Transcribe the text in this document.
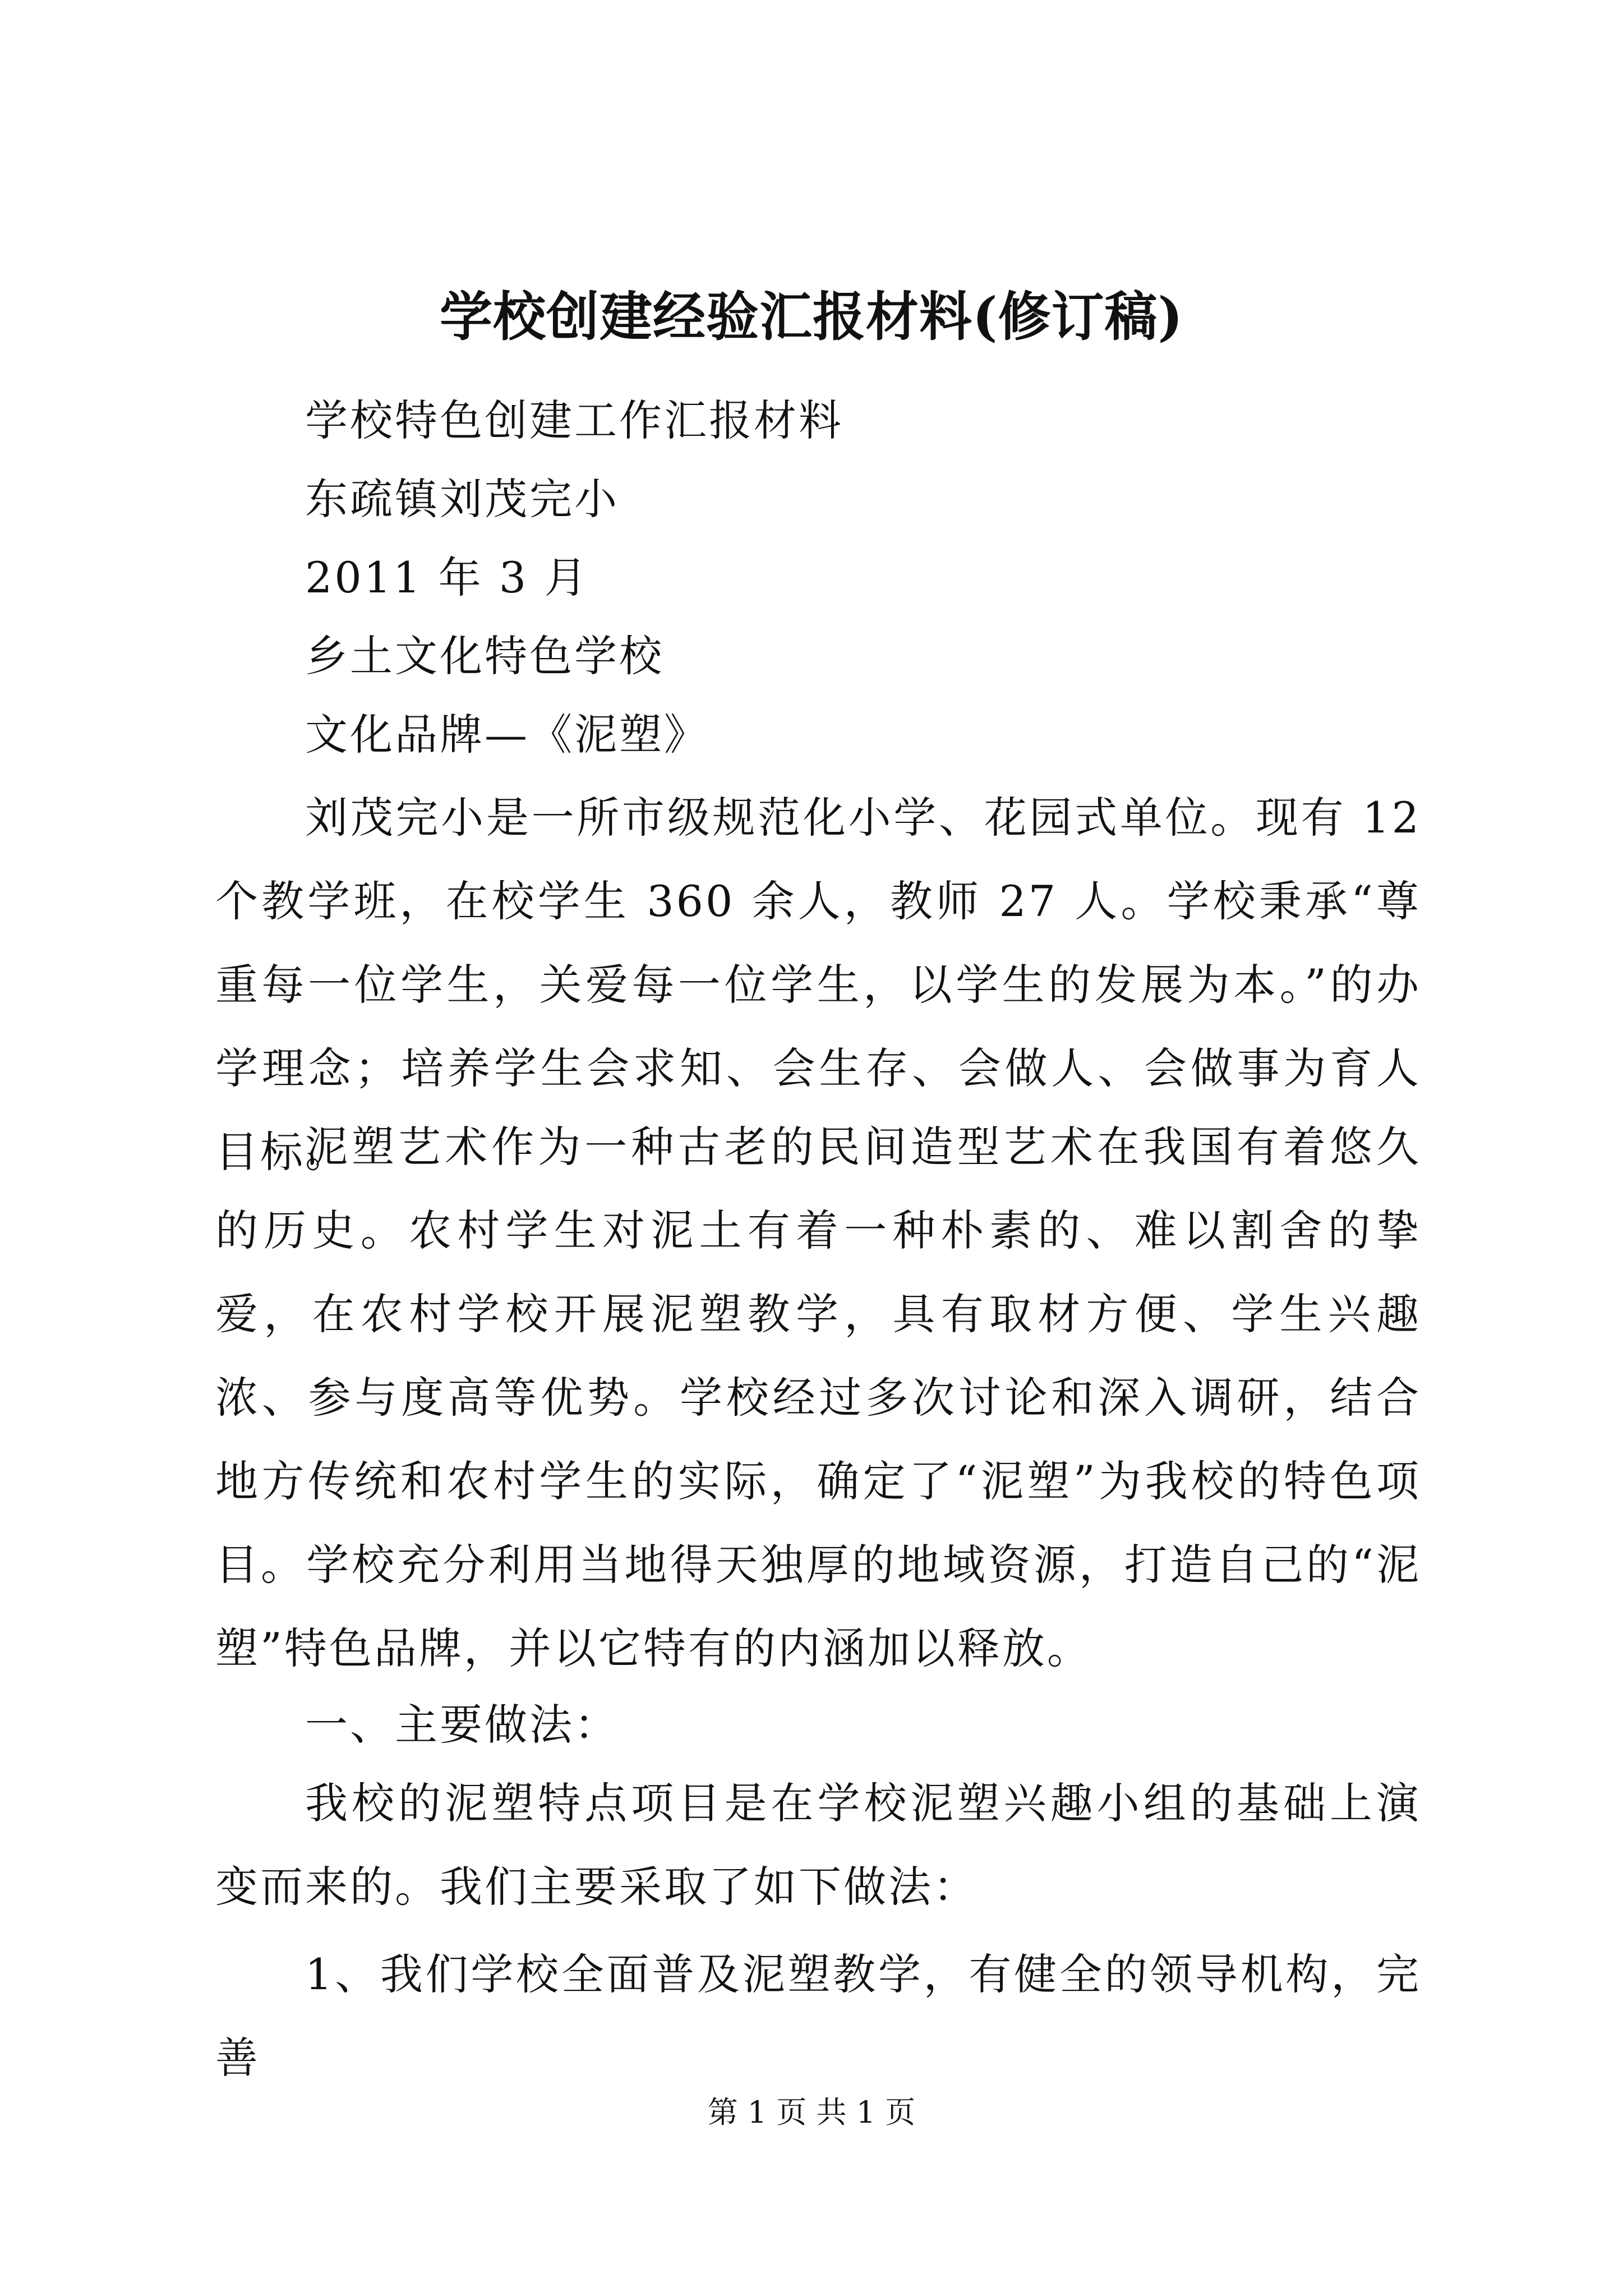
学校创建经验汇报材料(修订稿)
学校特色创建工作汇报材料
东疏镇刘茂完小
2011 年 3 月
乡土文化特色学校
文化品牌—《泥塑》

刘茂完小是一所市级规范化小学、花园式单位。现有 12 个教学班，在校学生 360 余人，教师 27 人。学校秉承“尊重每一位学生，关爱每一位学生，以学生的发展为本。”的办学理念；培养学生会求知、会生存、会做人、会做事为育人目标。

泥塑艺术作为一种古老的民间造型艺术在我国有着悠久的历史。农村学生对泥土有着一种朴素的、难以割舍的挚爱，在农村学校开展泥塑教学，具有取材方便、学生兴趣浓、参与度高等优势。学校经过多次讨论和深入调研，结合地方传统和农村学生的实际，确定了“泥塑”为我校的特色项目。学校充分利用当地得天独厚的地域资源，打造自己的“泥塑”特色品牌，并以它特有的内涵加以释放。

一、主要做法：

我校的泥塑特点项目是在学校泥塑兴趣小组的基础上演变而来的。我们主要采取了如下做法：

1、我们学校全面普及泥塑教学，有健全的领导机构，完善

第 1 页 共 1 页
